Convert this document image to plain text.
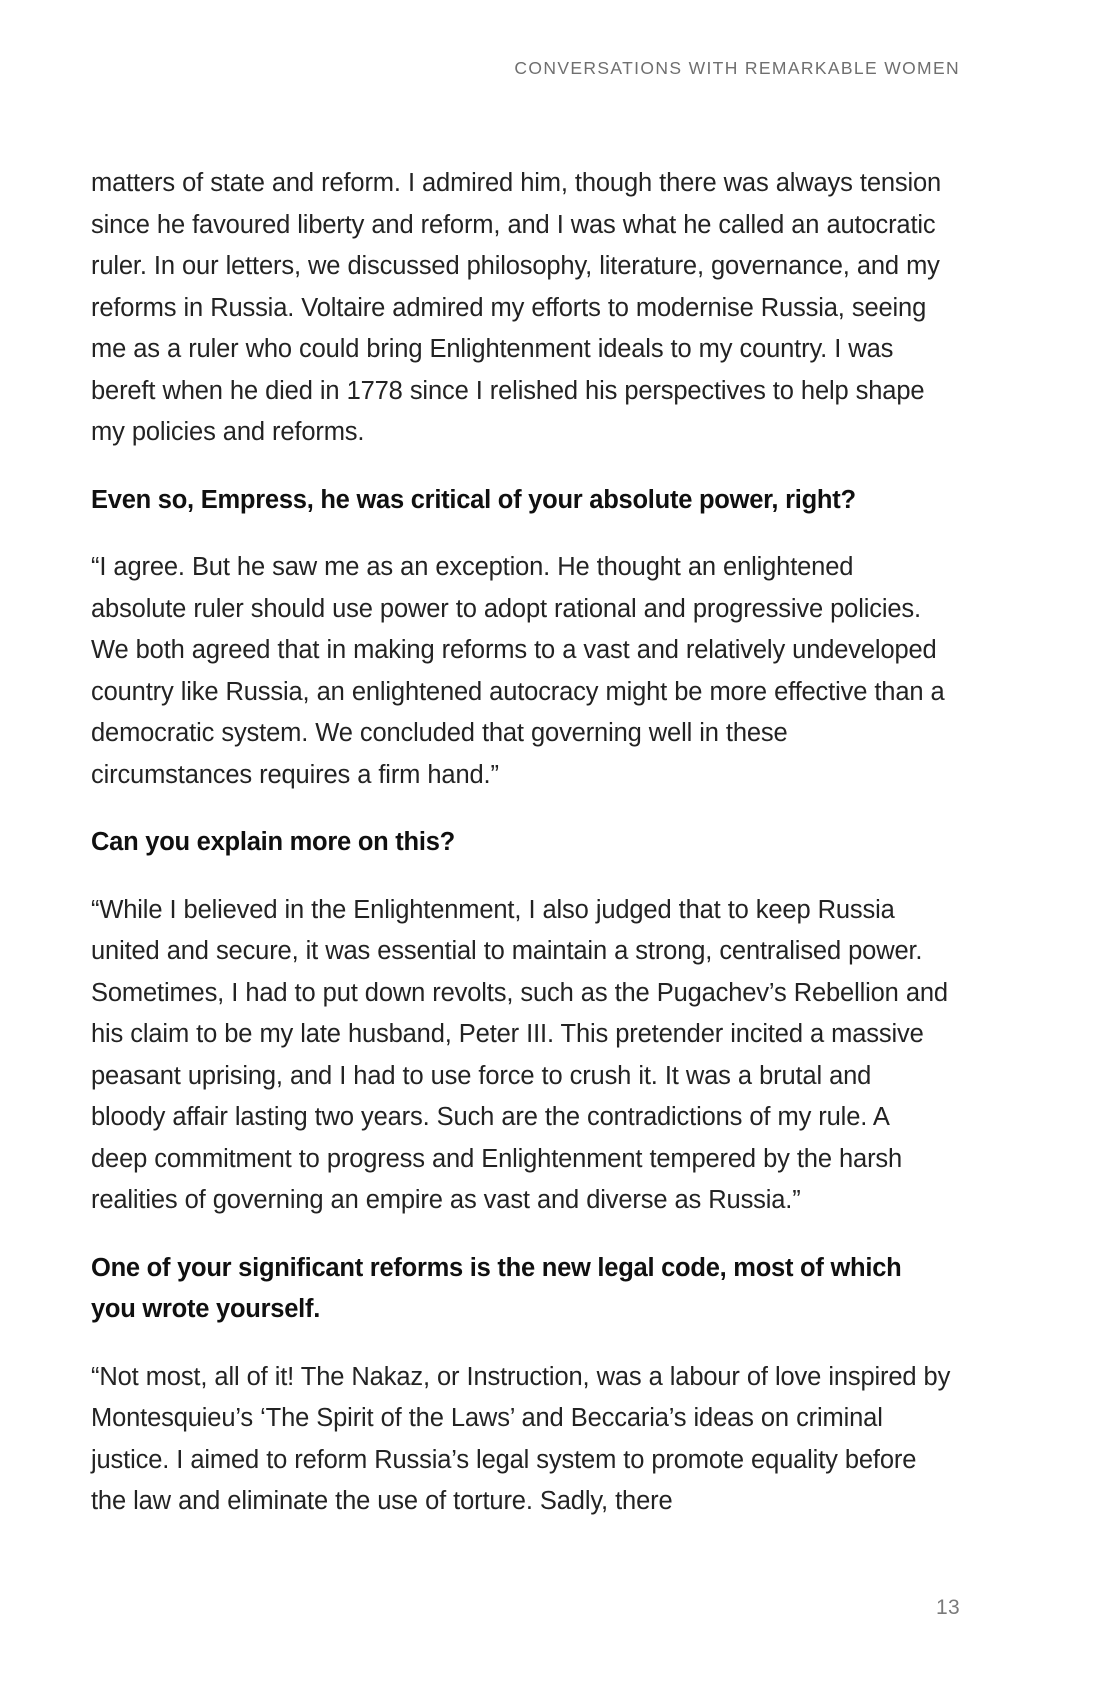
CONVERSATIONS WITH REMARKABLE WOMEN

matters of state and reform. I admired him, though there was always tension since he favoured liberty and reform, and I was what he called an autocratic ruler. In our letters, we discussed philosophy, literature, governance, and my reforms in Russia. Voltaire admired my efforts to modernise Russia, seeing me as a ruler who could bring Enlightenment ideals to my country. I was bereft when he died in 1778 since I relished his perspectives to help shape my policies and reforms.

Even so, Empress, he was critical of your absolute power, right?

“I agree. But he saw me as an exception. He thought an enlightened absolute ruler should use power to adopt rational and progressive policies. We both agreed that in making reforms to a vast and relatively undeveloped country like Russia, an enlightened autocracy might be more effective than a democratic system. We concluded that governing well in these circumstances requires a firm hand.”

Can you explain more on this?

“While I believed in the Enlightenment, I also judged that to keep Russia united and secure, it was essential to maintain a strong, centralised power. Sometimes, I had to put down revolts, such as the Pugachev’s Rebellion and his claim to be my late husband, Peter III. This pretender incited a massive peasant uprising, and I had to use force to crush it. It was a brutal and bloody affair lasting two years. Such are the contradictions of my rule. A deep commitment to progress and Enlightenment tempered by the harsh realities of governing an empire as vast and diverse as Russia.”

One of your significant reforms is the new legal code, most of which you wrote yourself.

“Not most, all of it! The Nakaz, or Instruction, was a labour of love inspired by Montesquieu’s ‘The Spirit of the Laws’ and Beccaria’s ideas on criminal justice. I aimed to reform Russia’s legal system to promote equality before the law and eliminate the use of torture. Sadly, there

13
